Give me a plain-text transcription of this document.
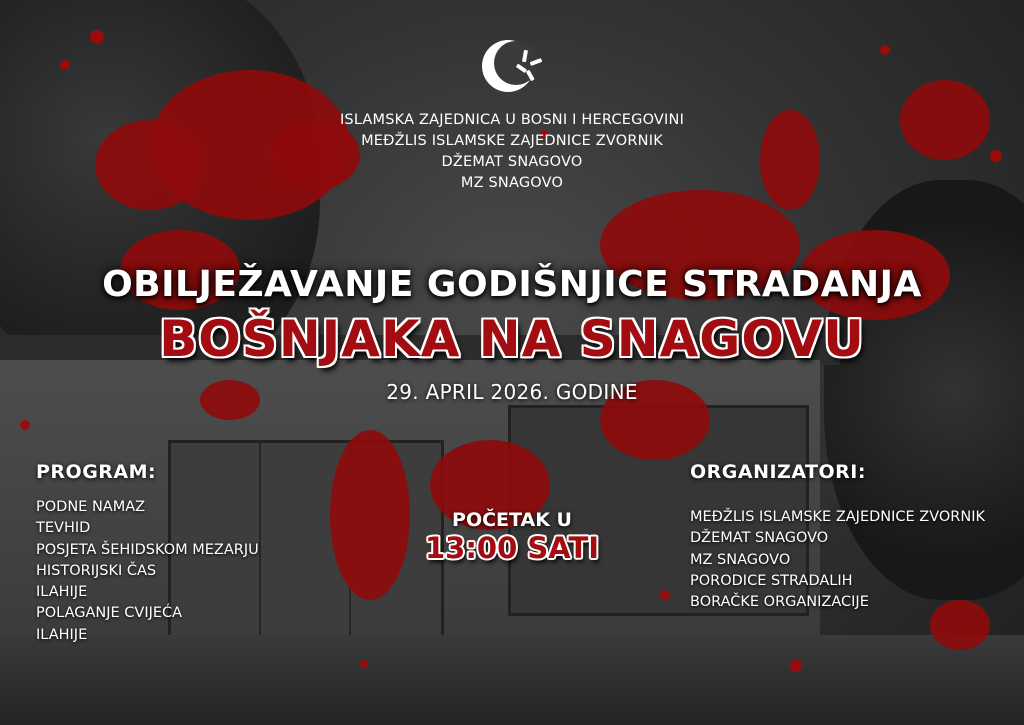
ISLAMSKA ZAJEDNICA U BOSNI I HERCEGOVINI
MEĐŽLIS ISLAMSKE ZAJEDNICE ZVORNIK
DŽEMAT SNAGOVO
MZ SNAGOVO
OBILJEŽAVANJE GODIŠNJICE STRADANJA
BOŠNJAKA NA SNAGOVU
29. APRIL 2026. GODINE
PROGRAM:
PODNE NAMAZ
TEVHID
POSJETA ŠEHIDSKOM MEZARJU
HISTORIJSKI ČAS
ILAHIJE
POLAGANJE CVIJEĆA
ILAHIJE
POČETAK U
13:00 SATI
ORGANIZATORI:
MEĐŽLIS ISLAMSKE ZAJEDNICE ZVORNIK
DŽEMAT SNAGOVO
MZ SNAGOVO
PORODICE STRADALIH
BORAČKE ORGANIZACIJE
